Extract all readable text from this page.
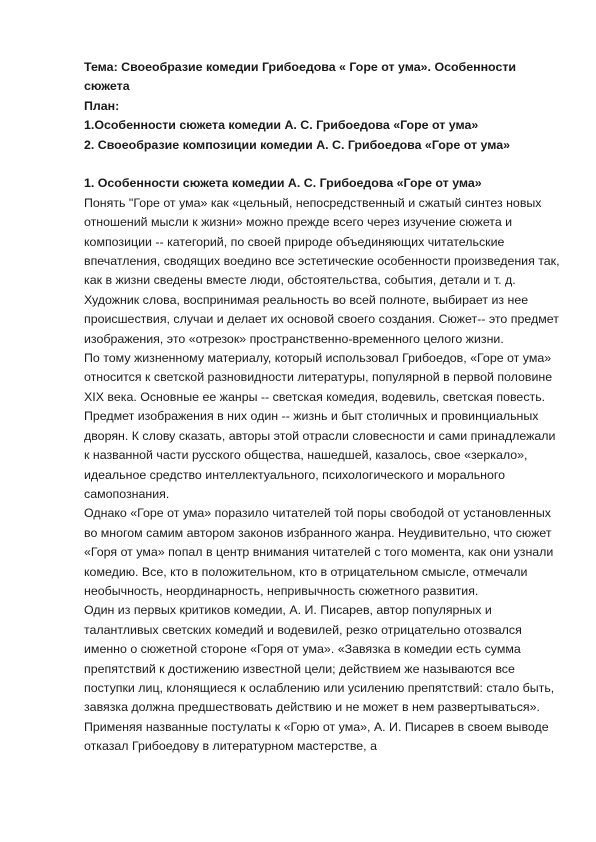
Тема: Своеобразие комедии Грибоедова « Горе от ума». Особенности сюжета

План:

1.Особенности сюжета комедии А. С. Грибоедова «Горе от ума»

2. Своеобразие композиции комедии А. С. Грибоедова «Горе от ума»

1. Особенности сюжета комедии А. С. Грибоедова «Горе от ума»

Понять "Горе от ума» как «цельный, непосредственный и сжатый синтез новых отношений мысли к жизни» можно прежде всего через изучение сюжета и композиции -- категорий, по своей природе объединяющих читательские впечатления, сводящих воедино все эстетические особенности произведения так, как в жизни сведены вместе люди, обстоятельства, события, детали и т. д.

Художник слова, воспринимая реальность во всей полноте, выбирает из нее происшествия, случаи и делает их основой своего создания. Сюжет-- это предмет изображения, это «отрезок» пространственно-временного целого жизни.

По тому жизненному материалу, который использовал Грибоедов, «Горе от ума» относится к светской разновидности литературы, популярной в первой половине XIX века. Основные ее жанры -- светская комедия, водевиль, светская повесть. Предмет изображения в них один -- жизнь и быт столичных и провинциальных дворян. К слову сказать, авторы этой отрасли словесности и сами принадлежали к названной части русского общества, нашедшей, казалось, свое «зеркало», идеальное средство интеллектуального, психологического и морального самопознания.

Однако «Горе от ума» поразило читателей той поры свободой от установленных во многом самим автором законов избранного жанра. Неудивительно, что сюжет «Горя от ума» попал в центр внимания читателей с того момента, как они узнали комедию. Все, кто в положительном, кто в отрицательном смысле, отмечали необычность, неординарность, непривычность сюжетного развития.

Один из первых критиков комедии, А. И. Писарев, автор популярных и талантливых светских комедий и водевилей, резко отрицательно отозвался именно о сюжетной стороне «Горя от ума». «Завязка в комедии есть сумма препятствий к достижению известной цели; действием же называются все поступки лиц, клонящиеся к ослаблению или усилению препятствий: стало быть, завязка должна предшествовать действию и не может в нем развертываться». Применяя названные постулаты к «Горю от ума», А. И. Писарев в своем выводе отказал Грибоедову в литературном мастерстве, а
